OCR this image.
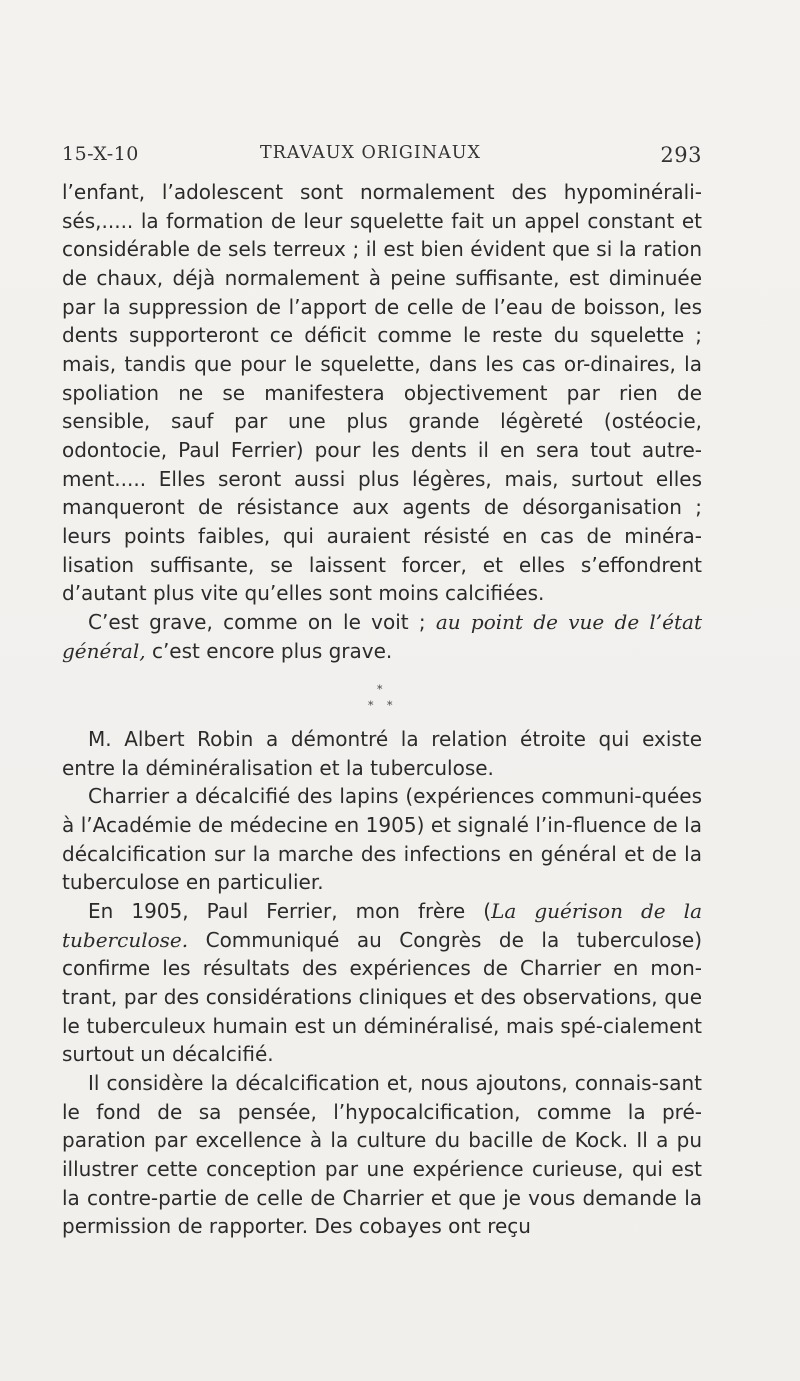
15-X-10	TRAVAUX ORIGINAUX	293

l’enfant, l’adolescent sont normalement des hypominérali-sés,..... la formation de leur squelette fait un appel constant et considérable de sels terreux ; il est bien évident que si la ration de chaux, déjà normalement à peine suffisante, est diminuée par la suppression de l’apport de celle de l’eau de boisson, les dents supporteront ce déficit comme le reste du squelette ; mais, tandis que pour le squelette, dans les cas or-dinaires, la spoliation ne se manifestera objectivement par rien de sensible, sauf par une plus grande légèreté (ostéocie, odontocie, Paul Ferrier) pour les dents il en sera tout autre-ment..... Elles seront aussi plus légères, mais, surtout elles manqueront de résistance aux agents de désorganisation ; leurs points faibles, qui auraient résisté en cas de minéra-lisation suffisante, se laissent forcer, et elles s’effondrent d’autant plus vite qu’elles sont moins calcifiées.

C’est grave, comme on le voit ; au point de vue de l’état général, c’est encore plus grave.

*
* *

M. Albert Robin a démontré la relation étroite qui existe entre la déminéralisation et la tuberculose.

Charrier a décalcifié des lapins (expériences communi-quées à l’Académie de médecine en 1905) et signalé l’in-fluence de la décalcification sur la marche des infections en général et de la tuberculose en particulier.

En 1905, Paul Ferrier, mon frère (La guérison de la tuberculose. Communiqué au Congrès de la tuberculose) confirme les résultats des expériences de Charrier en mon-trant, par des considérations cliniques et des observations, que le tuberculeux humain est un déminéralisé, mais spé-cialement surtout un décalcifié.

Il considère la décalcification et, nous ajoutons, connais-sant le fond de sa pensée, l’hypocalcification, comme la pré-paration par excellence à la culture du bacille de Kock. Il a pu illustrer cette conception par une expérience curieuse, qui est la contre-partie de celle de Charrier et que je vous demande la permission de rapporter. Des cobayes ont reçu
